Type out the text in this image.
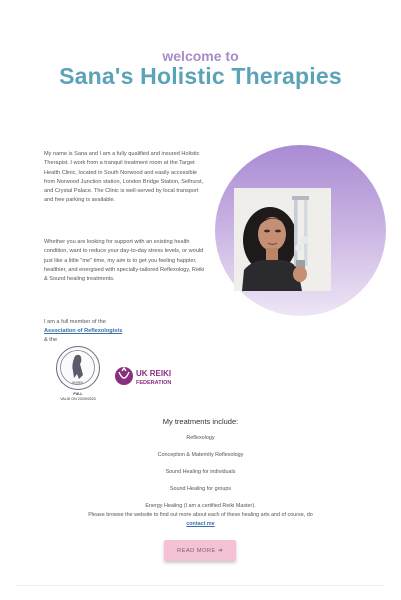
welcome to
Sana's Holistic Therapies
My name is Sana and I am a fully qualified and insured Holistic Therapist. I work from a tranquil treatment room at the Target Health Clinic, located in South Norwood and easily accessible from Norwood Junction station, London Bridge Station, Selhurst, and Crystal Palace. The Clinic is well-served by local transport and free parking is available.
Whether you are looking for support with an existing health condition, want to reduce your day-to-day stress levels, or would just like a little "me" time, my aim is to get you feeling happier, healthier, and energised with specially-tailored Reflexology, Reiki & Sound healing treatments.
I am a full member of the
Association of Reflexologists
& the
MEMBER
FULL
VALID ON 23/09/2020
UK REIKI
FEDERATION
My treatments include:
Reflexology
Conception & Maternity Reflexology
Sound Healing for individuals
Sound Healing for groups
Energy Healing (I am a certified Reiki Master).
Please browse the website to find out more about each of these healing arts and of course, do
contact me
READ MORE ➔
